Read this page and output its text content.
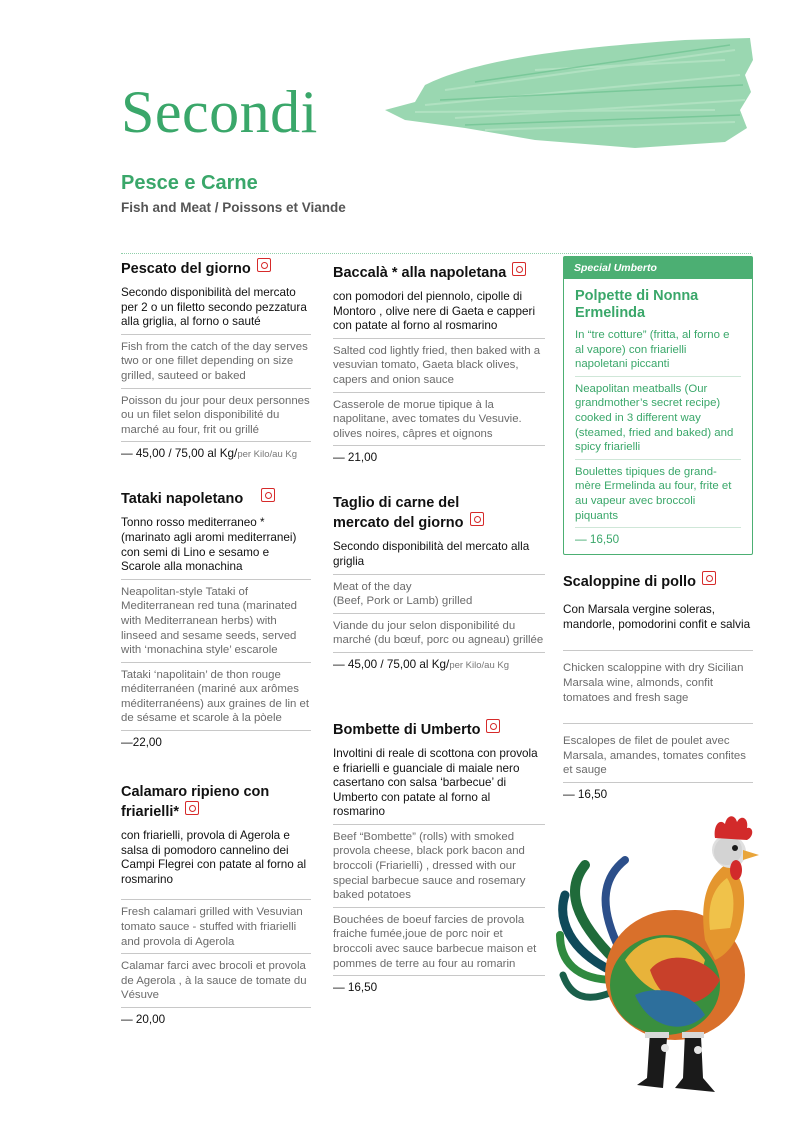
Secondi
Pesce e Carne
Fish and Meat / Poissons et Viande
Pescato del giorno
Secondo disponibilità del mercato per 2 o un filetto secondo pezzatura
alla griglia, al forno o sauté
Fish from the catch of the day serves two or one fillet depending on size grilled, sauteed or baked
Poisson du jour pour deux personnes ou un filet selon disponibilité du marché au four, frit ou grillé
— 45,00 / 75,00 al Kg/per Kilo/au Kg
Tataki napoletano
Tonno rosso mediterraneo * (marinato agli aromi mediterranei) con semi di Lino e sesamo e Scarole alla monachina
Neapolitan-style Tataki of Mediterranean red tuna (marinated with Mediterranean herbs) with linseed and sesame seeds, served with ‘monachina style’ escarole
Tataki ‘napolitain’ de thon rouge méditerranéen (mariné aux arômes méditerranéens) aux graines de lin et de sésame et scarole à la pòele
—22,00
Calamaro ripieno con friarielli*
con friarielli, provola di Agerola e salsa di pomodoro cannelino dei Campi Flegrei con patate al forno al rosmarino
Fresh calamari grilled with Vesuvian tomato sauce - stuffed with friarielli and provola di Agerola
Calamar farci avec brocoli et provola de Agerola , à la sauce de tomate du Vésuve
— 20,00
Baccalà * alla napoletana
con pomodori del piennolo, cipolle di Montoro , olive nere di Gaeta e capperi con patate al forno al rosmarino
Salted cod lightly fried, then baked with a vesuvian tomato, Gaeta black olives, capers and onion sauce
Casserole de morue tipique à la napolitane, avec tomates du Vesuvie. olives noires, câpres et oignons
— 21,00
Taglio di carne del mercato del giorno
Secondo disponibilità del mercato alla griglia
Meat of the day
(Beef, Pork or Lamb) grilled
Viande du jour selon disponibilité du marché (du bœuf, porc ou agneau) grillée
— 45,00 / 75,00 al Kg/per Kilo/au Kg
Bombette di Umberto
Involtini di reale di scottona con provola e friarielli e guanciale di maiale nero casertano con salsa ‘barbecue’ di Umberto con patate al forno al rosmarino
Beef “Bombette” (rolls) with smoked provola cheese, black pork bacon and broccoli (Friarielli) , dressed with our special barbecue sauce and rosemary baked potatoes
Bouchées de boeuf farcies de provola fraiche fumée,joue de porc noir et broccoli avec sauce barbecue maison et pommes de terre au four au romarin
— 16,50
Special Umberto
Polpette di Nonna Ermelinda
In “tre cotture” (fritta, al forno e al vapore) con friarielli napoletani piccanti
Neapolitan meatballs (Our grandmother’s secret recipe) cooked in 3 different way (steamed, fried and baked) and spicy friarielli
Boulettes tipiques de grand-mère Ermelinda au four, frite et au vapeur avec broccoli piquants
— 16,50
Scaloppine di pollo
Con Marsala vergine soleras, mandorle, pomodorini confit e salvia
Chicken scaloppine with dry Sicilian Marsala wine, almonds, confit tomatoes and fresh sage
Escalopes de filet de poulet avec Marsala, amandes, tomates confites et sauge
— 16,50
